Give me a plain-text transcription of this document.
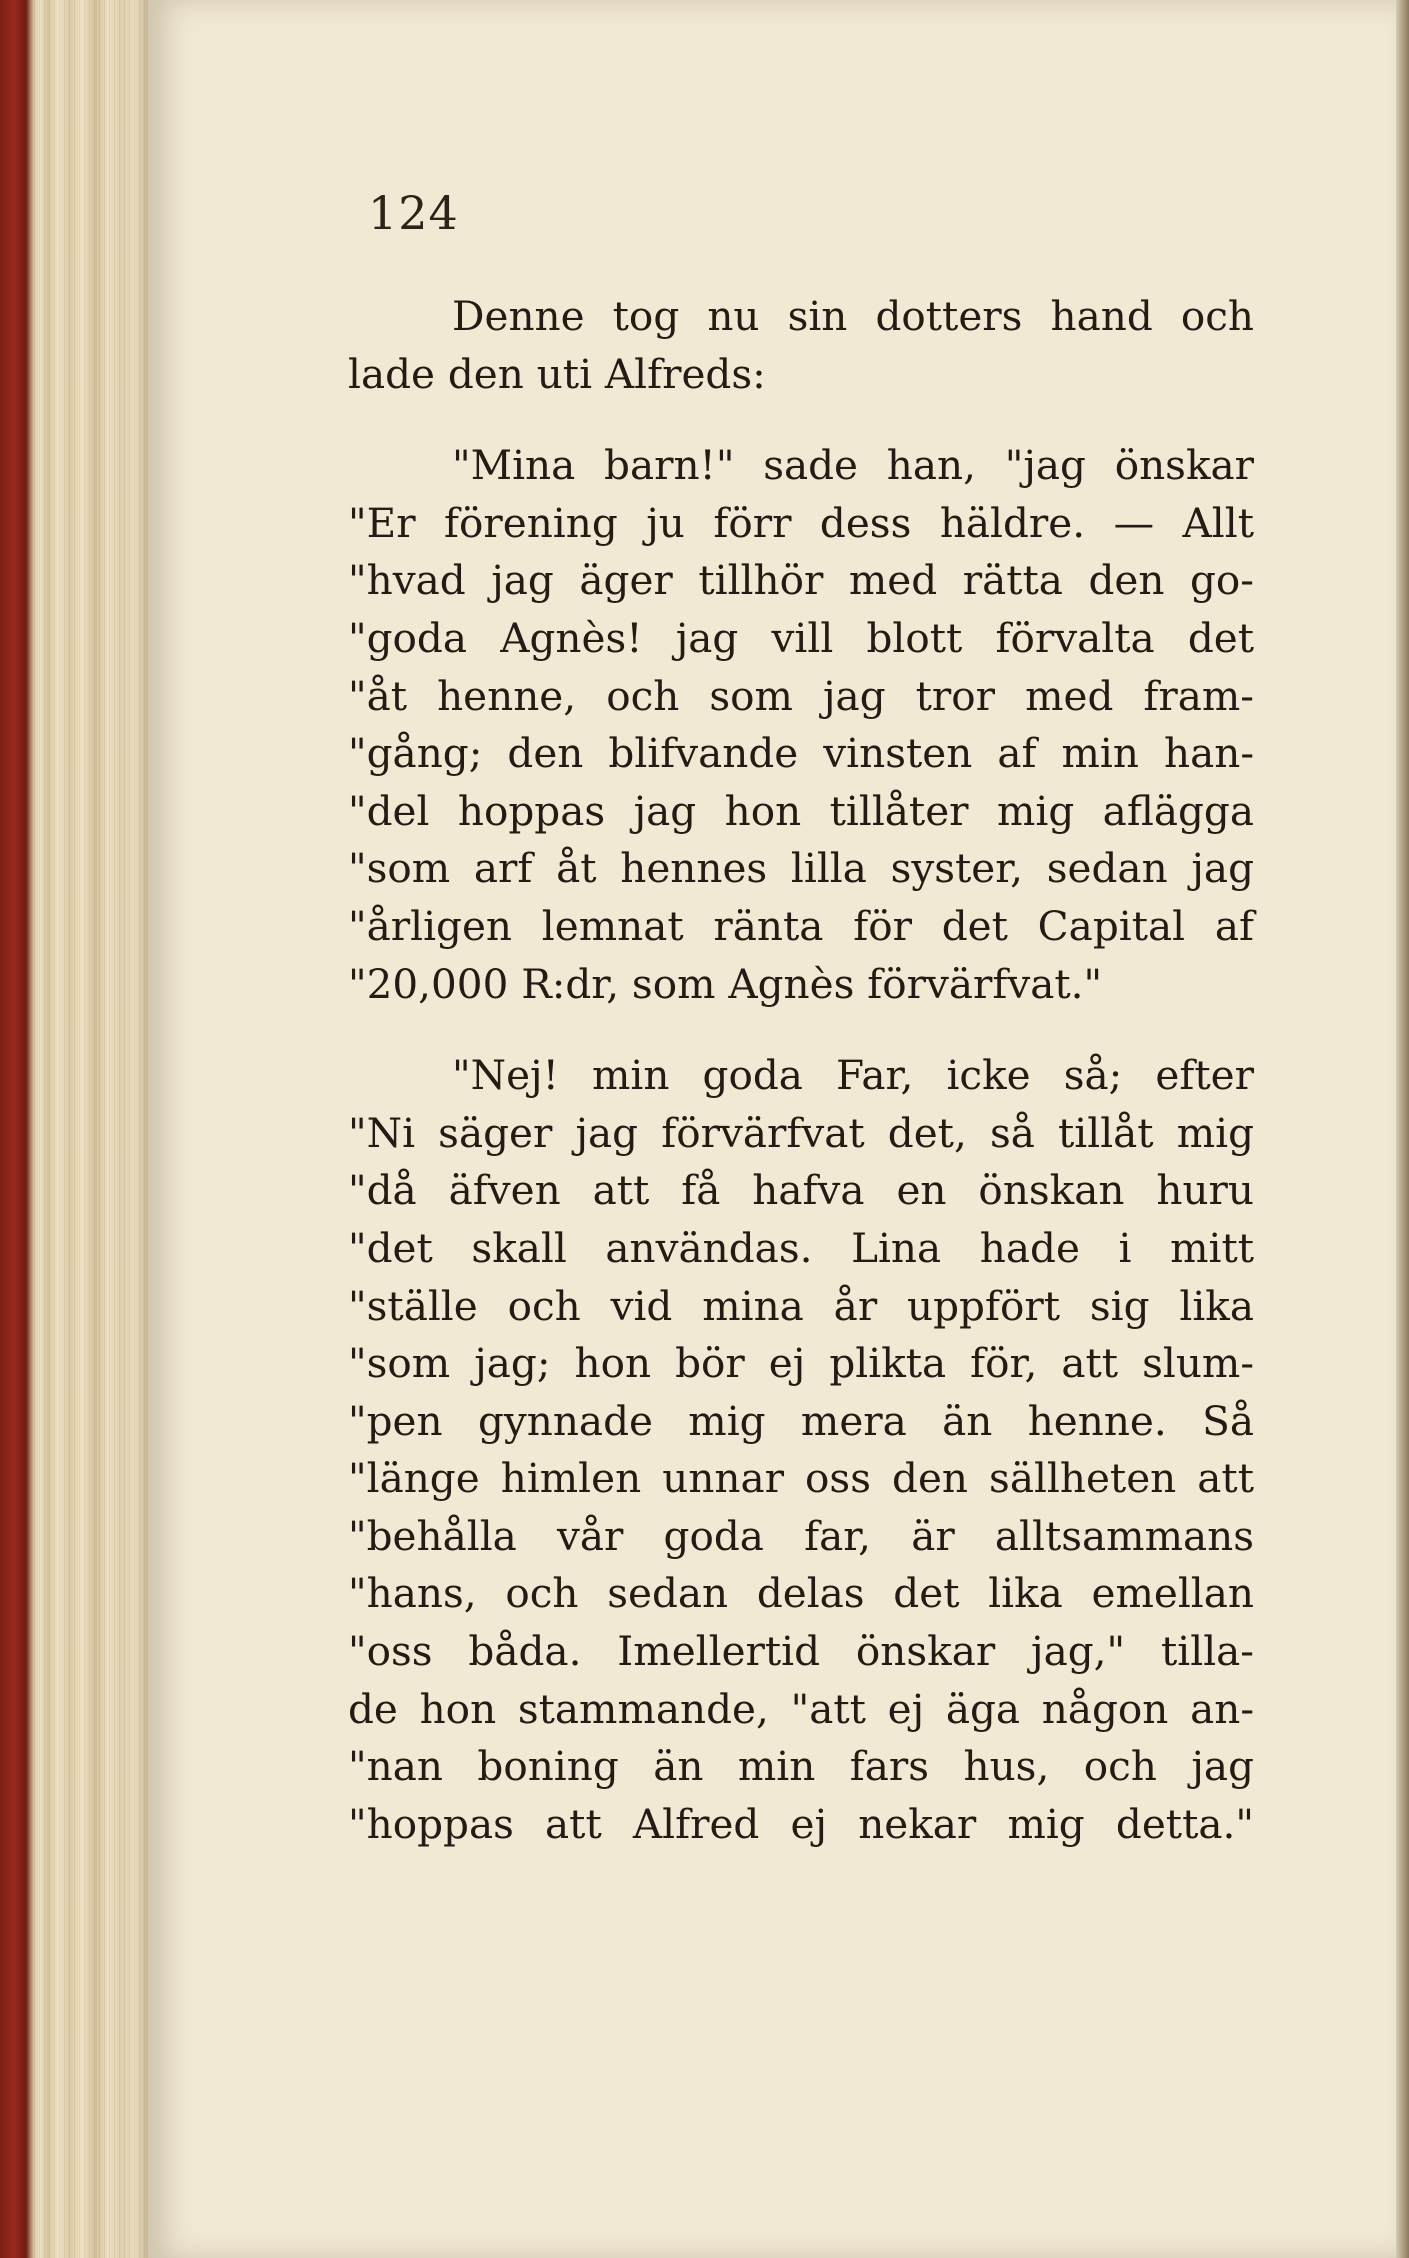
124
Denne tog nu sin dotters hand och
lade den uti Alfreds:
"Mina barn!" sade han, "jag önskar
"Er förening ju förr dess häldre. — Allt
"hvad jag äger tillhör med rätta den go-
"goda Agnès! jag vill blott förvalta det
"åt henne, och som jag tror med fram-
"gång; den blifvande vinsten af min han-
"del hoppas jag hon tillåter mig aflägga
"som arf åt hennes lilla syster, sedan jag
"årligen lemnat ränta för det Capital af
"20,000 R:dr, som Agnès förvärfvat."
"Nej! min goda Far, icke så; efter
"Ni säger jag förvärfvat det, så tillåt mig
"då äfven att få hafva en önskan huru
"det skall användas. Lina hade i mitt
"ställe och vid mina år uppfört sig lika
"som jag; hon bör ej plikta för, att slum-
"pen gynnade mig mera än henne. Så
"länge himlen unnar oss den sällheten att
"behålla vår goda far, är alltsammans
"hans, och sedan delas det lika emellan
"oss båda. Imellertid önskar jag," tilla-
de hon stammande, "att ej äga någon an-
"nan boning än min fars hus, och jag
"hoppas att Alfred ej nekar mig detta."
